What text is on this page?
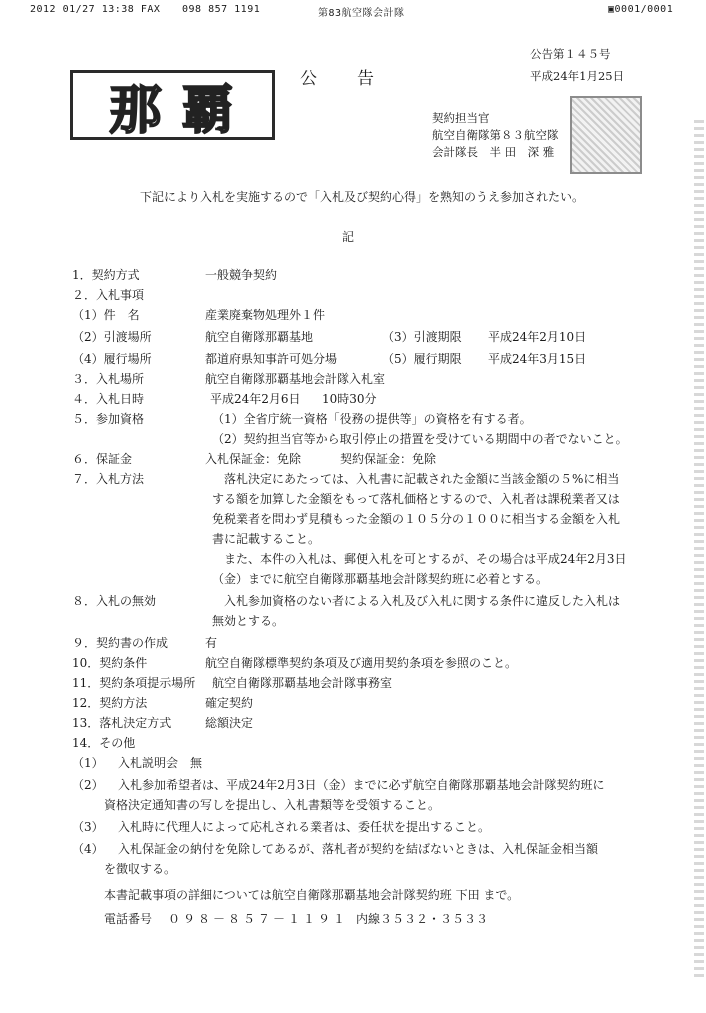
2012 01/27 13:38 FAX 098 857 1191	第83航空隊会計隊	▣0001/0001
公告第１４５号
那覇
公　　告	平成24年1月25日
契約担当官
航空自衛隊第８３航空隊
会計隊長　半 田　深 雅
下記により入札を実施するので「入札及び契約心得」を熟知のうえ参加されたい。
記
1．契約方式	一般競争契約
２．入札事項
（1）件　名	産業廃棄物処理外１件
（2）引渡場所	航空自衛隊那覇基地	（3）引渡期限 平成24年2月10日
（4）履行場所	都道府県知事許可処分場	（5）履行期限 平成24年3月15日
３．入札場所	航空自衛隊那覇基地会計隊入札室
４．入札日時	平成24年2月6日 10時30分
５．参加資格	（1）全省庁統一資格「役務の提供等」の資格を有する者。
（2）契約担当官等から取引停止の措置を受けている期間中の者でないこと。
６．保証金	入札保証金：免除	契約保証金：免除
７．入札方法	　落札決定にあたっては、入札書に記載された金額に当該金額の５%に相当
する額を加算した金額をもって落札価格とするので、入札者は課税業者又は
免税業者を問わず見積もった金額の１０５分の１００に相当する金額を入札
書に記載すること。
　また、本件の入札は、郵便入札を可とするが、その場合は平成24年2月3日
（金）までに航空自衛隊那覇基地会計隊契約班に必着とする。
８．入札の無効	　入札参加資格のない者による入札及び入札に関する条件に違反した入札は
無効とする。
９．契約書の作成	有
10．契約条件	航空自衛隊標準契約条項及び適用契約条項を参照のこと。
11．契約条項提示場所 航空自衛隊那覇基地会計隊事務室
12．契約方法	確定契約
13．落札決定方式	総額決定
14．その他
（1） 入札説明会　無
（2） 入札参加希望者は、平成24年2月3日（金）までに必ず航空自衛隊那覇基地会計隊契約班に
資格決定通知書の写しを提出し、入札書類等を受領すること。
（3） 入札時に代理人によって応札される業者は、委任状を提出すること。
（4） 入札保証金の納付を免除してあるが、落札者が契約を結ばないときは、入札保証金相当額
を徴収する。
本書記載事項の詳細については航空自衛隊那覇基地会計隊契約班 下田 まで。
電話番号 ０９８－８５７－１１９１ 内線３５３２・３５３３
